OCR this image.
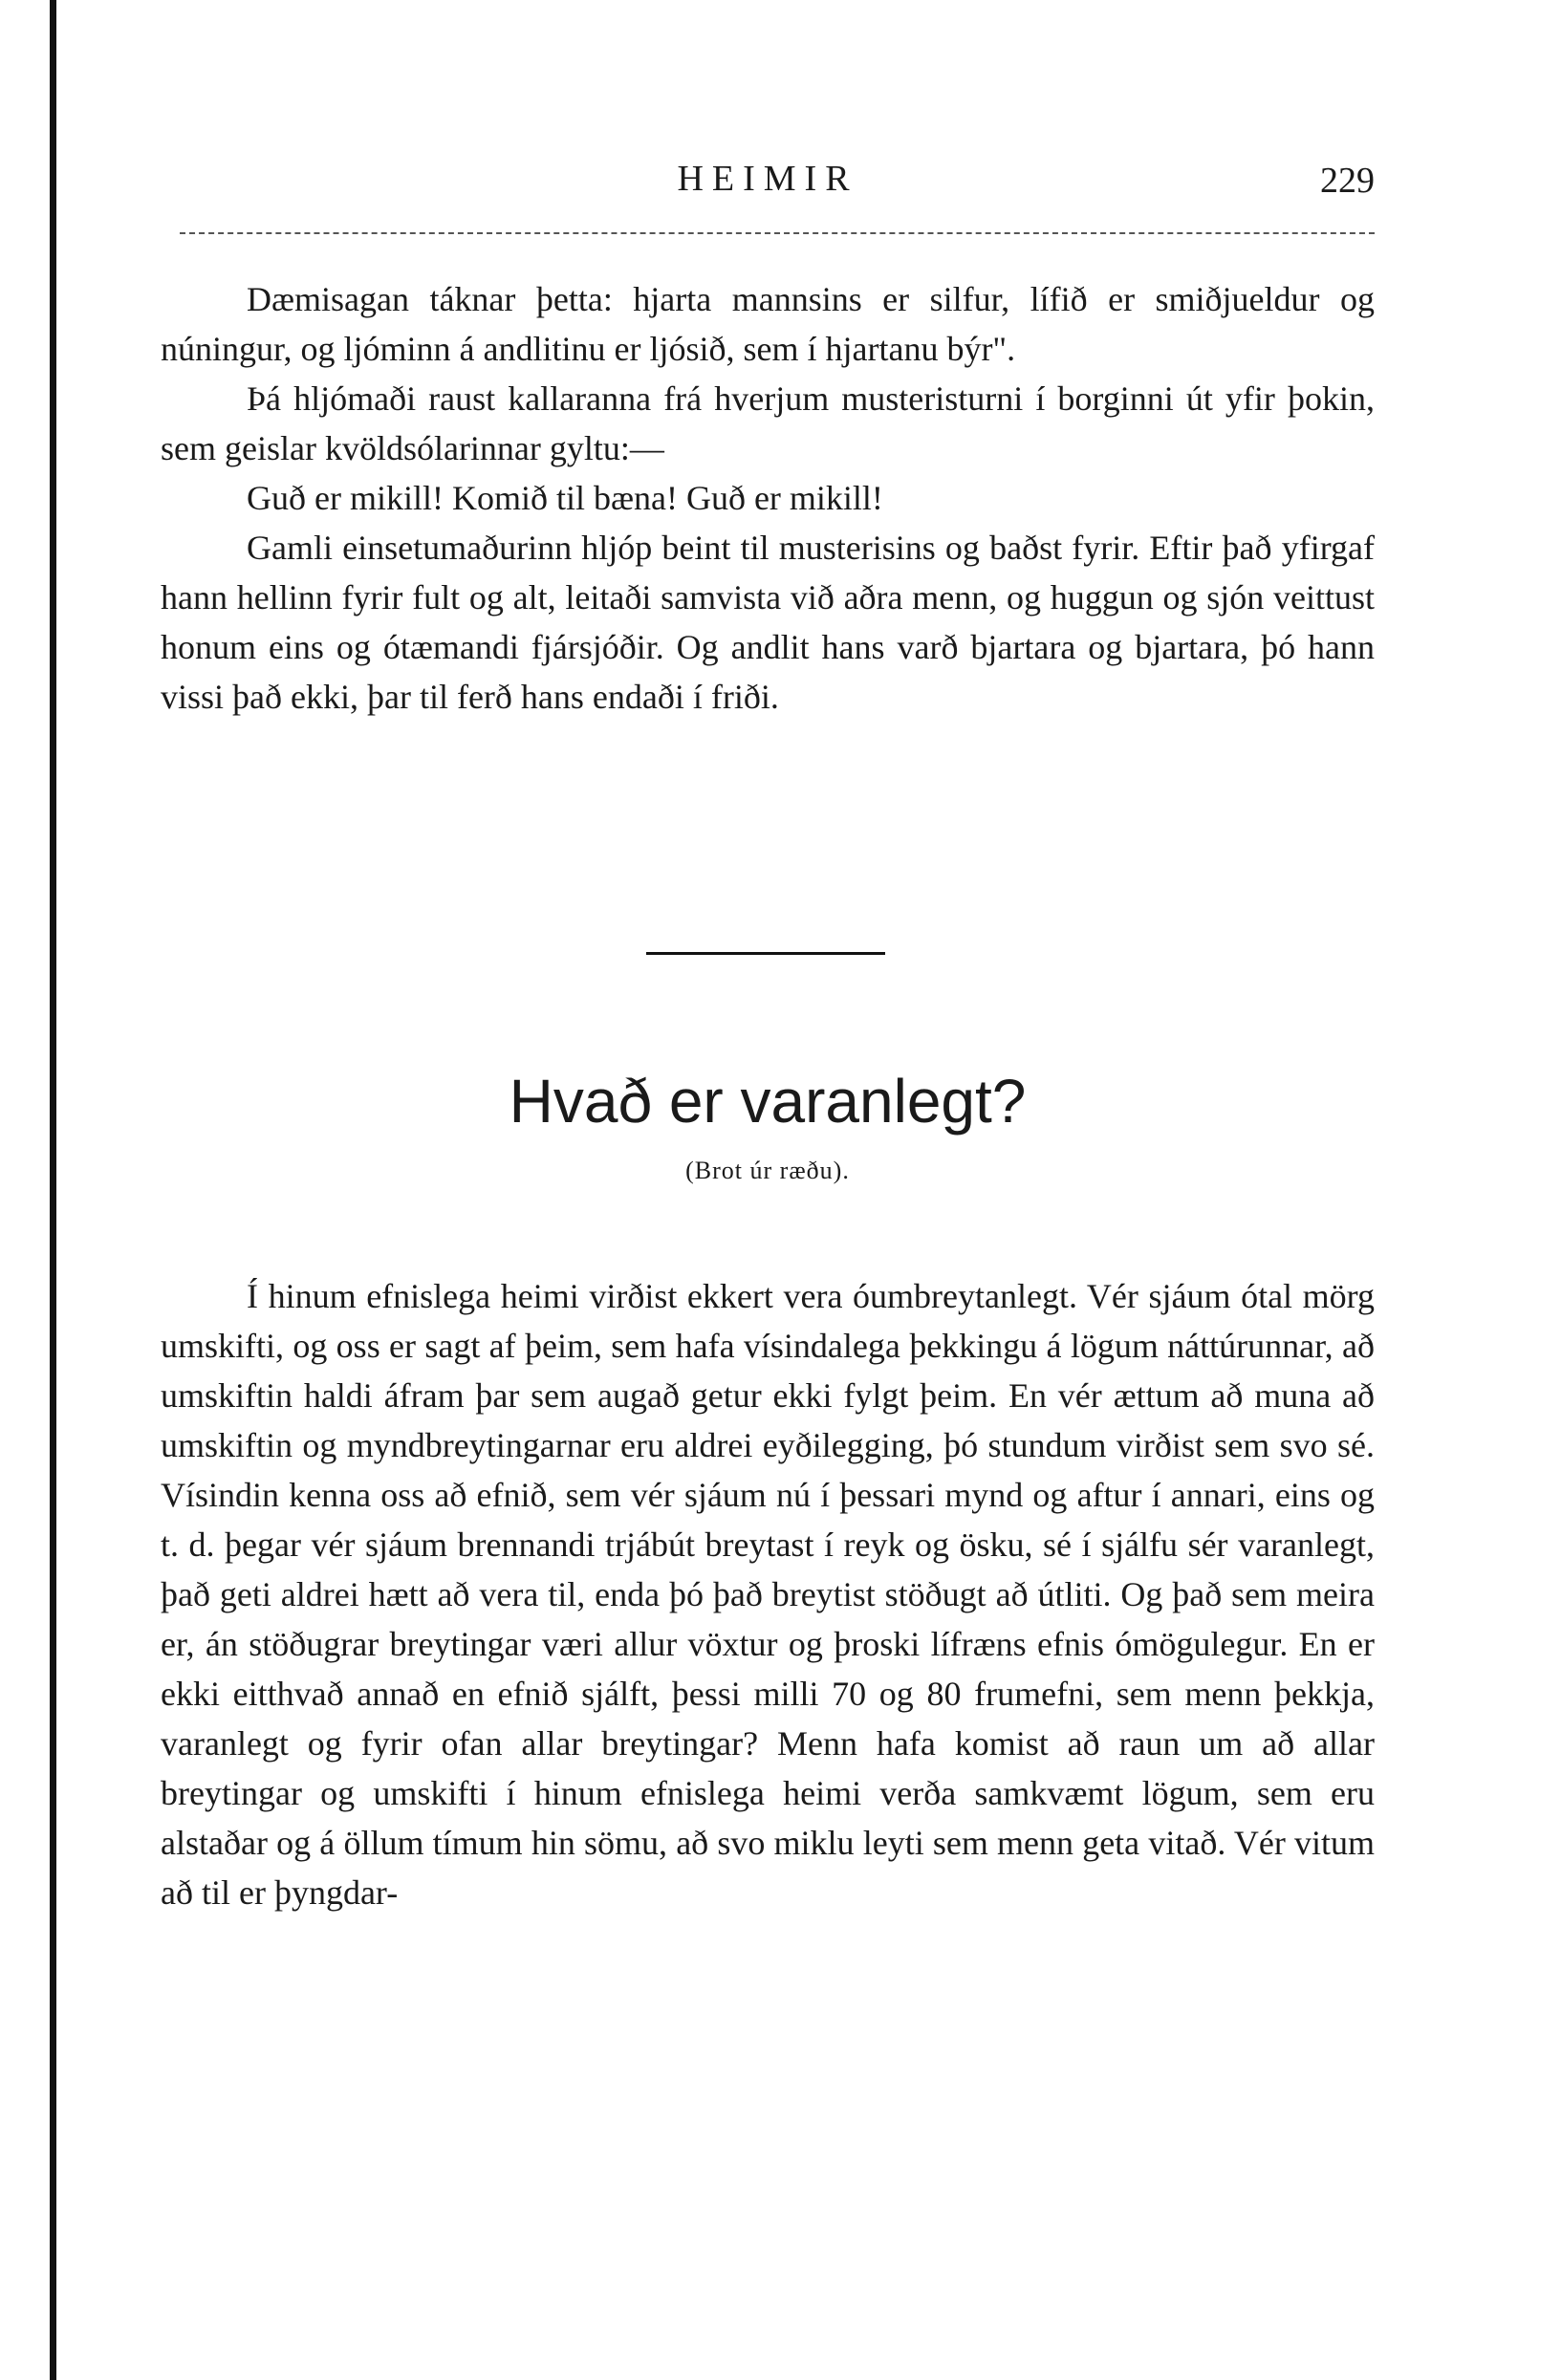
HEIMIR	229

Dæmisagan táknar þetta: hjarta mannsins er silfur, lífið er smiðjueldur og núningur, og ljóminn á andlitinu er ljósið, sem í hjartanu býr".

Þá hljómaði raust kallaranna frá hverjum musteristurni í borginni út yfir þokin, sem geislar kvöldsólarinnar gyltu:—

Guð er mikill! Komið til bæna! Guð er mikill!

Gamli einsetumaðurinn hljóp beint til musterisins og baðst fyrir. Eftir það yfirgaf hann hellinn fyrir fult og alt, leitaði samvista við aðra menn, og huggun og sjón veittust honum eins og ótæmandi fjársjóðir. Og andlit hans varð bjartara og bjartara, þó hann vissi það ekki, þar til ferð hans endaði í friði.

Hvað er varanlegt?
(Brot úr ræðu).

Í hinum efnislega heimi virðist ekkert vera óumbreytanlegt. Vér sjáum ótal mörg umskifti, og oss er sagt af þeim, sem hafa vísindalega þekkingu á lögum náttúrunnar, að umskiftin haldi áfram þar sem augað getur ekki fylgt þeim. En vér ættum að muna að umskiftin og myndbreytingarnar eru aldrei eyðilegging, þó stundum virðist sem svo sé. Vísindin kenna oss að efnið, sem vér sjáum nú í þessari mynd og aftur í annari, eins og t. d. þegar vér sjáum brennandi trjábút breytast í reyk og ösku, sé í sjálfu sér varanlegt, það geti aldrei hætt að vera til, enda þó það breytist stöðugt að útliti. Og það sem meira er, án stöðugrar breytingar væri allur vöxtur og þroski lífræns efnis ómögulegur. En er ekki eitthvað annað en efnið sjálft, þessi milli 70 og 80 frumefni, sem menn þekkja, varanlegt og fyrir ofan allar breytingar? Menn hafa komist að raun um að allar breytingar og umskifti í hinum efnislega heimi verða samkvæmt lögum, sem eru alstaðar og á öllum tímum hin sömu, að svo miklu leyti sem menn geta vitað. Vér vitum að til er þyngdar-
